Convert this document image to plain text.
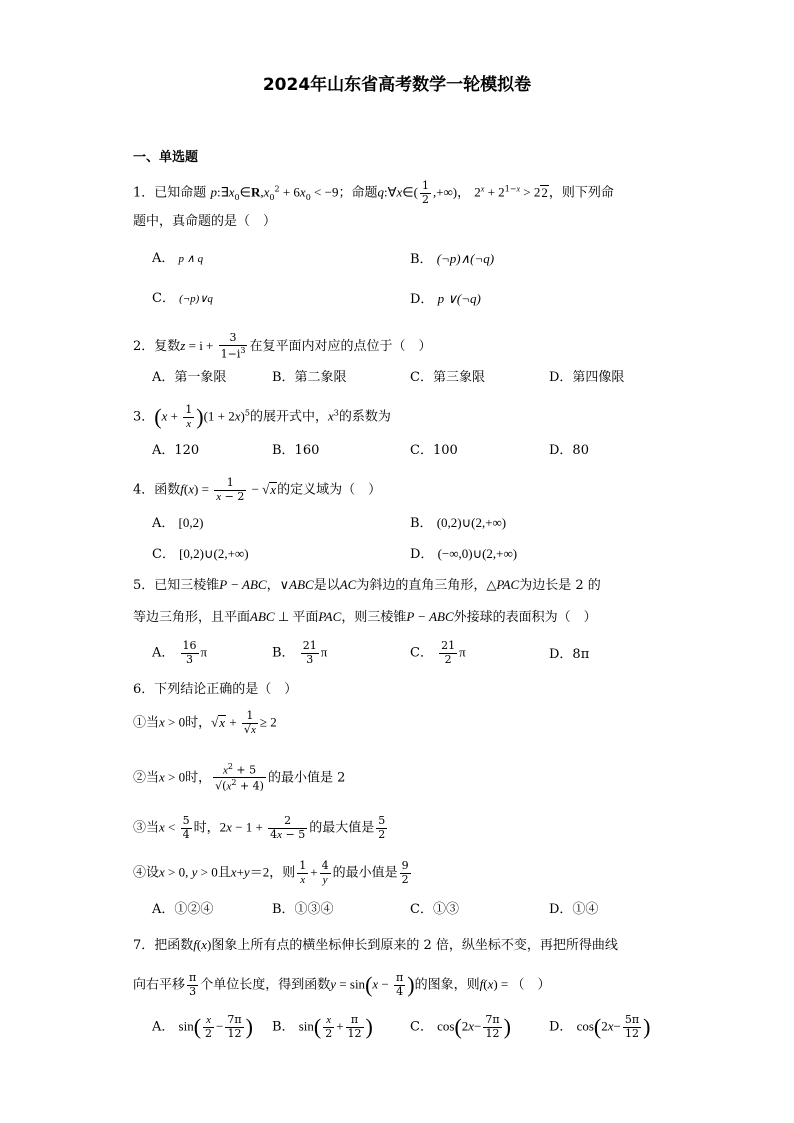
2024年山东省高考数学一轮模拟卷
一、单选题
1．已知命题 $p:\exists x_0\in R,x_0^2 + 6x_0 < -9$；命题q:∀x∈( $\frac{1}{2}$ ,+∞)， $2^x + 2^{1-x} > 22$，则下列命
题中，真命题的是（　）
A． p ∧ q	B． (¬p)∧(¬q)
C． (¬p)∨q	D． p ∨(¬q)
2．复数$z = i + \frac{3}{1-i^3}$ 在复平面内对应的点位于（　）
A．第一象限	B．第二象限	C．第三象限	D．第四像限
3．$(x + \frac{1}{x} )(1 + 2x)^5$的展开式中，$x^3$的系数为
A．120	B．160	C．100	D．80
4．函数$f(x) = \frac{1}{x - 2} - √x$的定义域为（　）
A． [0,2)	B． (0,2)∪(2,+∞)
C． [0,2)∪(2,+∞)	D． (−∞,0)∪(2,+∞)
5．已知三棱锥P − ABC，∨ABC是以AC为斜边的直角三角形，△PAC为边长是 2 的
等边三角形，且平面ABC ⊥ 平面PAC，则三棱锥P − ABC外接球的表面积为（　）
A． $\frac{16}{3}$ π	B． $\frac{21}{3}$ π	C． $\frac{21}{2}$ π	D．8π
6．下列结论正确的是（　）
①当x > 0时，$√x + \frac{1}{√x} \ge 2$
②当x > 0时， $\frac{x^2 + 5}{√(x^2 + 4)}$ 的最小值是 2
③当$x < \frac{5}{4}$ 时，$2x - 1 + \frac{2}{4x - 5}$ 的最大值是 $\frac{5}{2}$
④设x > 0, y > 0且x+y＝2，则 $\frac{1}{x} + \frac{4}{y}$ 的最小值是 $\frac{9}{2}$
A．①②④	B．①③④	C．①③	D．①④
7．把函数f(x)图象上所有点的横坐标伸长到原来的 2 倍，纵坐标不变，再把所得曲线
向右平移 $\frac{\pi}{3}$ 个单位长度，得到函数$y = \sin(x - \frac{\pi}{4}$ )的图象，则f(x) = （　）
A． $\sin( \frac{x}{2} - \frac{7\pi}{12}$ ) B． $\sin( \frac{x}{2} + \frac{\pi}{12}$ )	C． $\cos(2x- \frac{7\pi}{12}$ )	D． $\cos(2x- \frac{5\pi}{12}$ )
